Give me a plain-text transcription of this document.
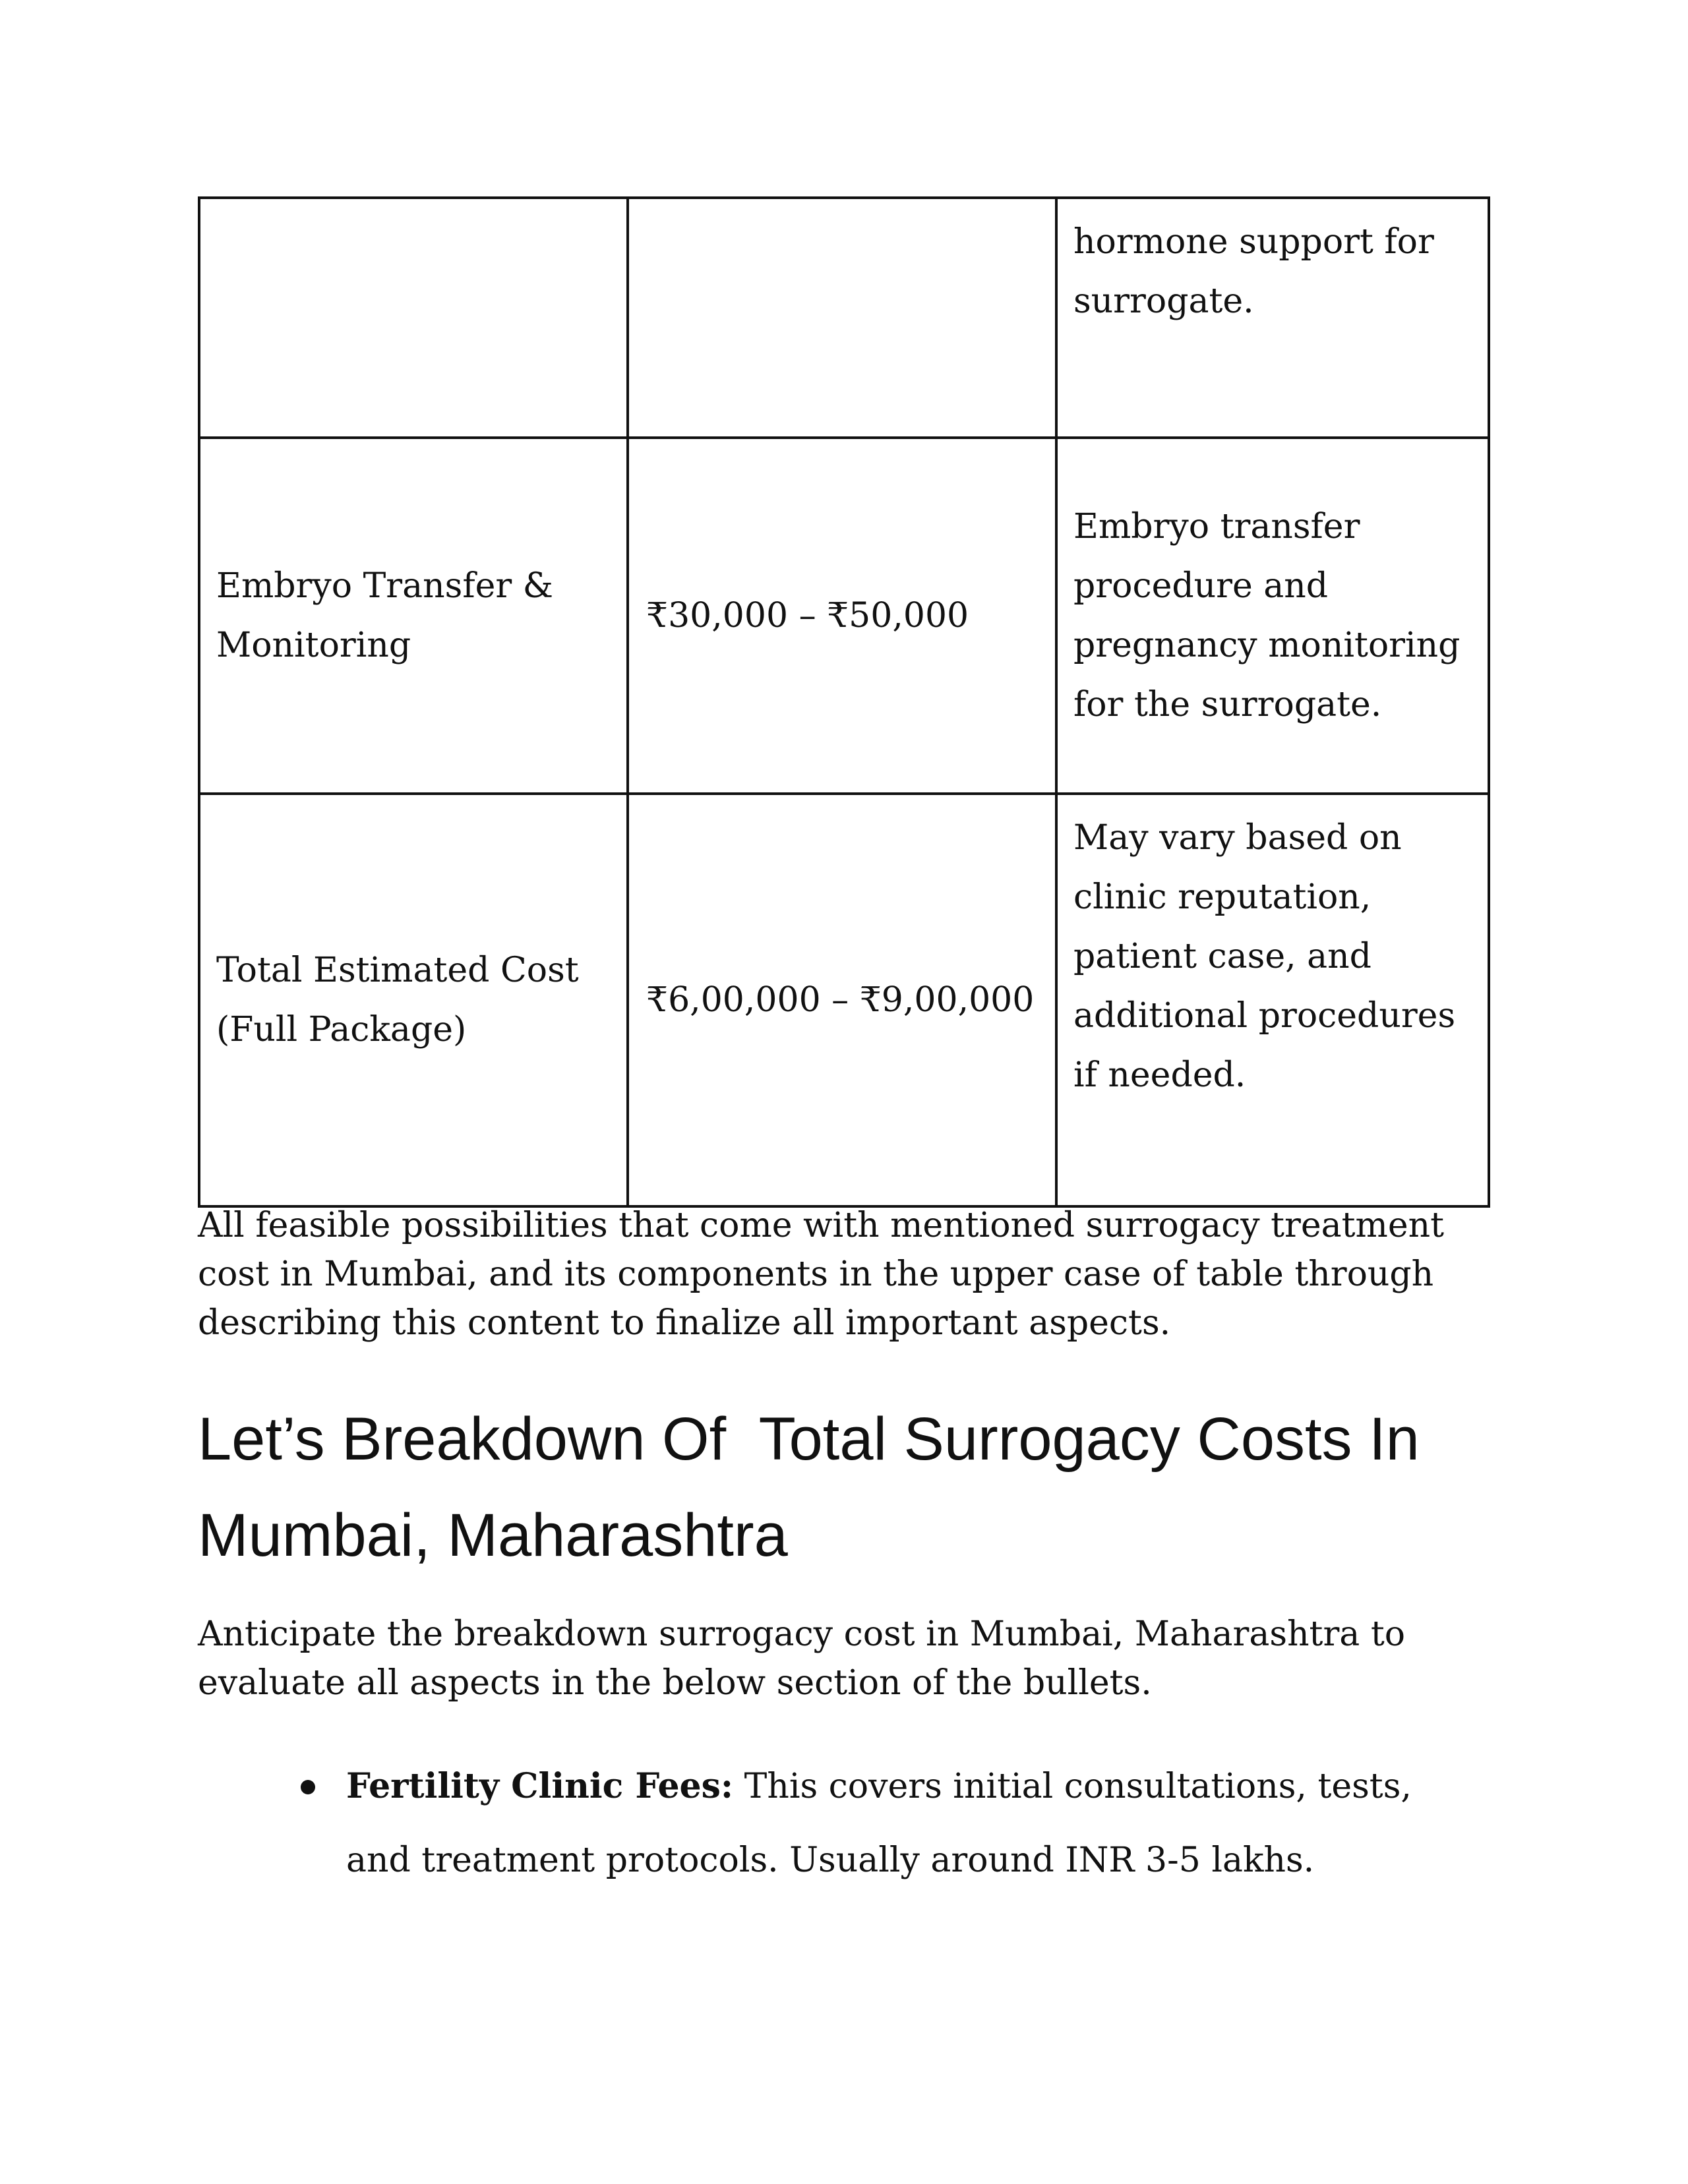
		hormone support for surrogate.
Embryo Transfer & Monitoring	₹30,000 – ₹50,000	Embryo transfer procedure and pregnancy monitoring for the surrogate.
Total Estimated Cost (Full Package)	₹6,00,000 – ₹9,00,000	May vary based on clinic reputation, patient case, and additional procedures if needed.

All feasible possibilities that come with mentioned surrogacy treatment cost in Mumbai, and its components in the upper case of table through describing this content to finalize all important aspects.

Let’s Breakdown Of  Total Surrogacy Costs In Mumbai, Maharashtra

Anticipate the breakdown surrogacy cost in Mumbai, Maharashtra to evaluate all aspects in the below section of the bullets.

Fertility Clinic Fees: This covers initial consultations, tests, and treatment protocols. Usually around INR 3-5 lakhs.
